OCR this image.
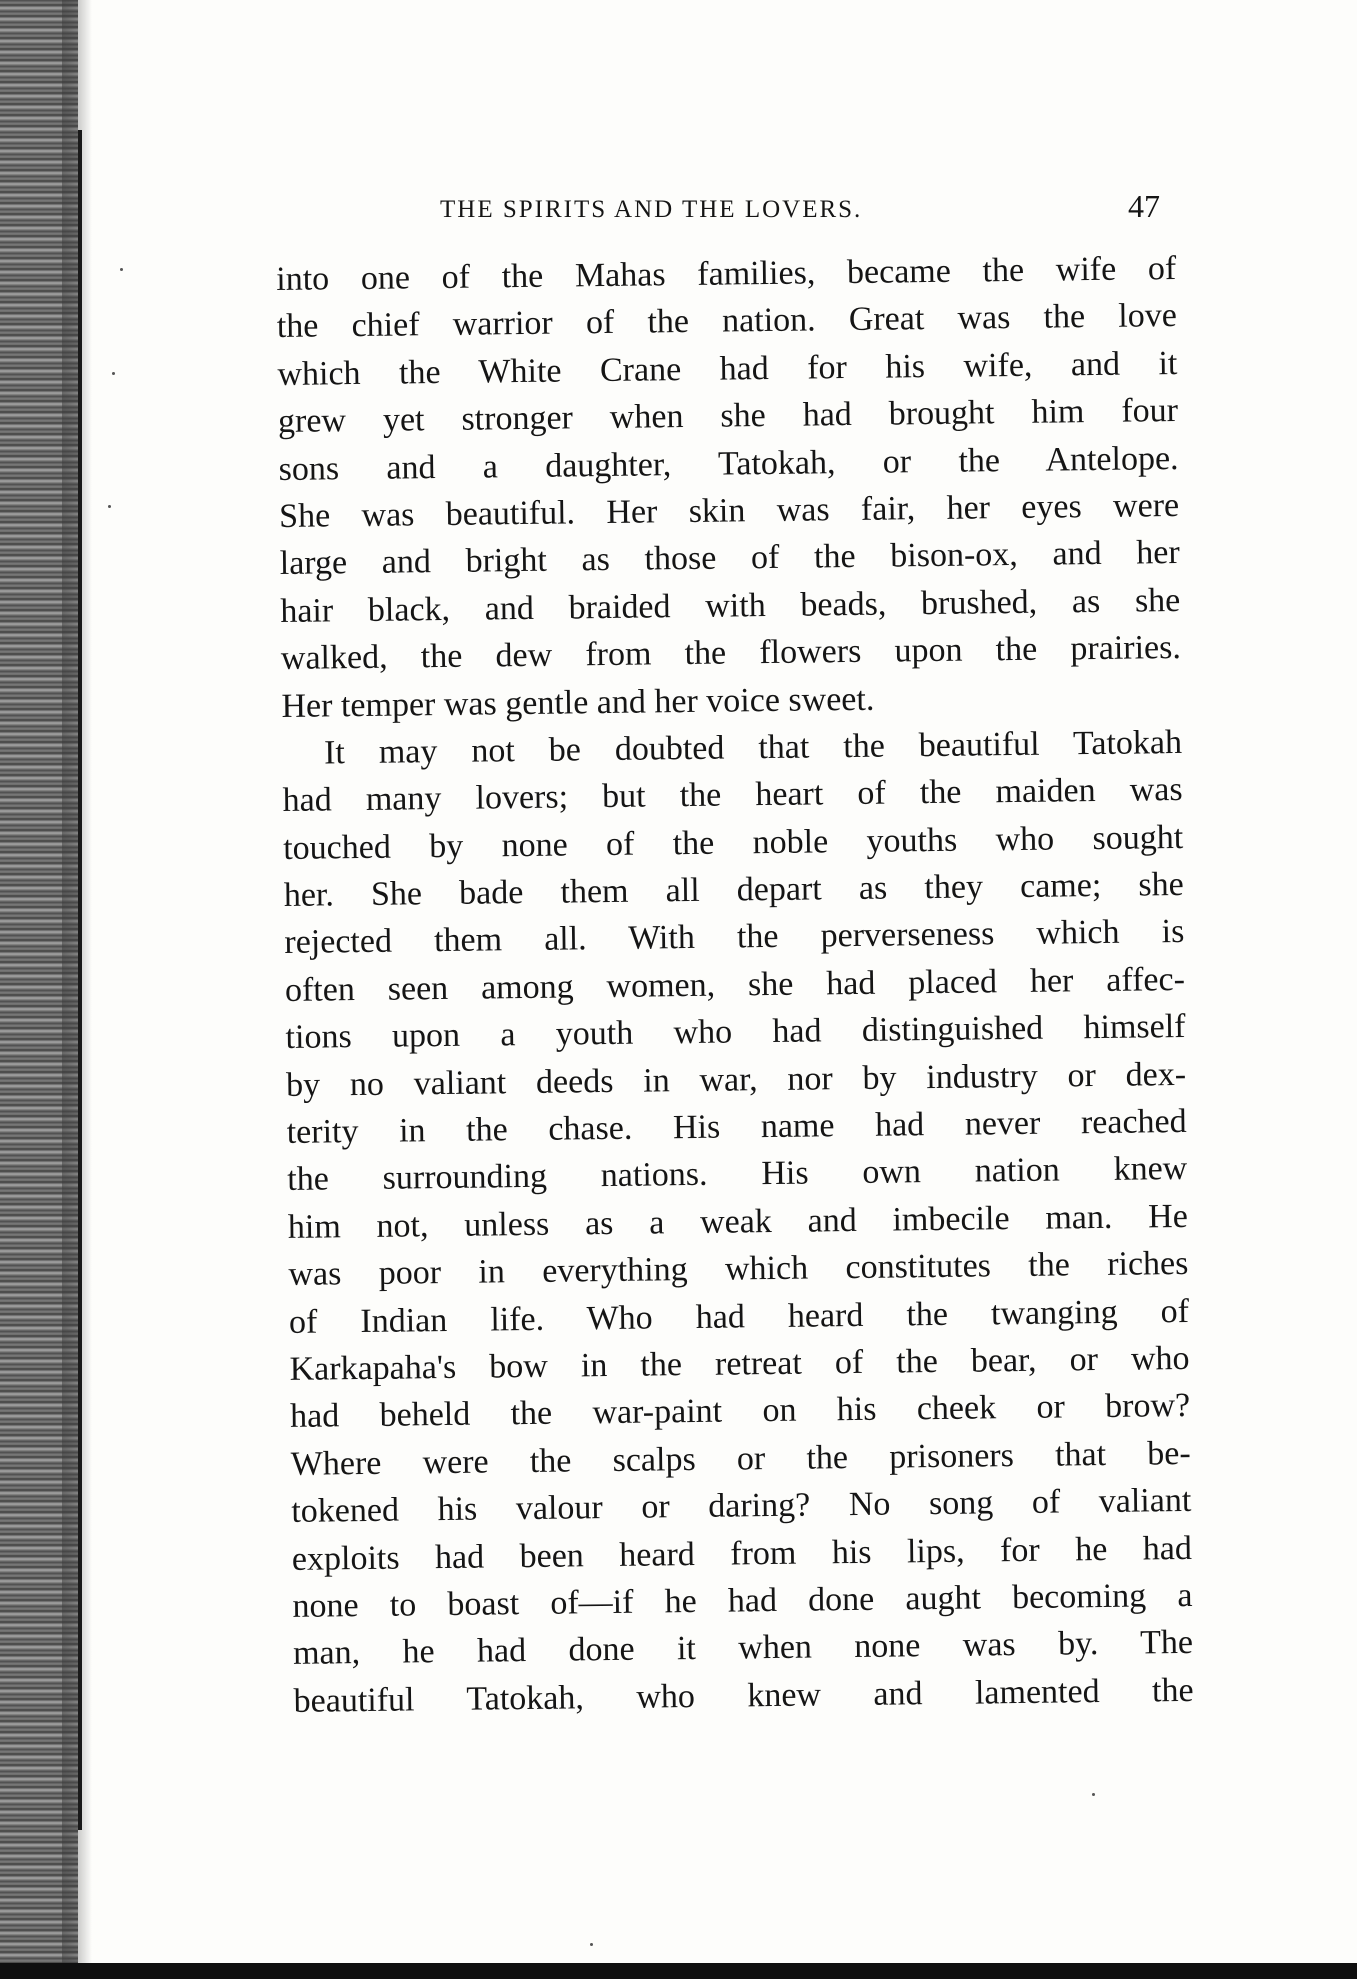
THE SPIRITS AND THE LOVERS.	47
into one of the Mahas families, became the wife of
the chief warrior of the nation. Great was the love
which the White Crane had for his wife, and it
grew yet stronger when she had brought him four
sons and a daughter, Tatokah, or the Antelope.
She was beautiful. Her skin was fair, her eyes were
large and bright as those of the bison-ox, and her
hair black, and braided with beads, brushed, as she
walked, the dew from the flowers upon the prairies.
Her temper was gentle and her voice sweet.
It may not be doubted that the beautiful Tatokah
had many lovers; but the heart of the maiden was
touched by none of the noble youths who sought
her. She bade them all depart as they came; she
rejected them all. With the perverseness which is
often seen among women, she had placed her affec-
tions upon a youth who had distinguished himself
by no valiant deeds in war, nor by industry or dex-
terity in the chase. His name had never reached
the surrounding nations. His own nation knew
him not, unless as a weak and imbecile man. He
was poor in everything which constitutes the riches
of Indian life. Who had heard the twanging of
Karkapaha's bow in the retreat of the bear, or who
had beheld the war-paint on his cheek or brow?
Where were the scalps or the prisoners that be-
tokened his valour or daring? No song of valiant
exploits had been heard from his lips, for he had
none to boast of—if he had done aught becoming a
man, he had done it when none was by. The
beautiful Tatokah, who knew and lamented the
